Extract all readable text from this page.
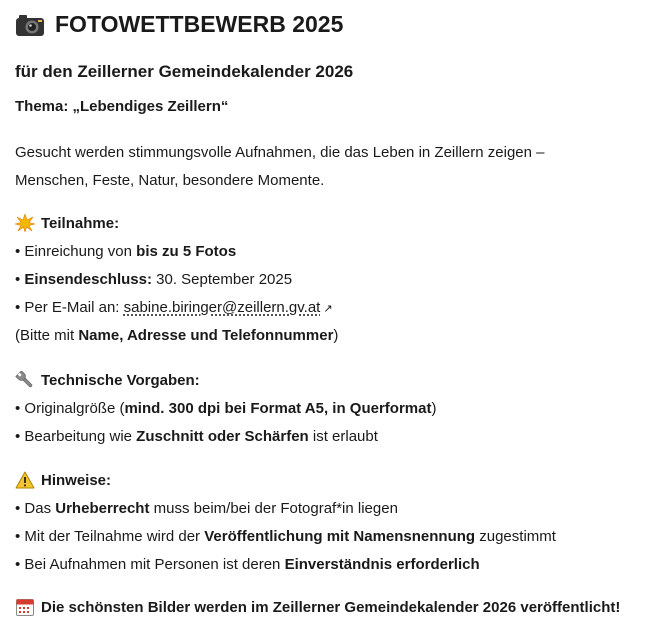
FOTOWETTBEWERB 2025
für den Zeillerner Gemeindekalender 2026
Thema: „Lebendiges Zeillern“
Gesucht werden stimmungsvolle Aufnahmen, die das Leben in Zeillern zeigen –
Menschen, Feste, Natur, besondere Momente.
Teilnahme:
• Einreichung von bis zu 5 Fotos
• Einsendeschluss: 30. September 2025
• Per E-Mail an: sabine.biringer@zeillern.gv.at ↗
(Bitte mit Name, Adresse und Telefonnummer)
Technische Vorgaben:
• Originalgröße (mind. 300 dpi bei Format A5, in Querformat)
• Bearbeitung wie Zuschnitt oder Schärfen ist erlaubt
Hinweise:
• Das Urheberrecht muss beim/bei der Fotograf*in liegen
• Mit der Teilnahme wird der Veröffentlichung mit Namensnennung zugestimmt
• Bei Aufnahmen mit Personen ist deren Einverständnis erforderlich
Die schönsten Bilder werden im Zeillerner Gemeindekalender 2026 veröffentlicht!
